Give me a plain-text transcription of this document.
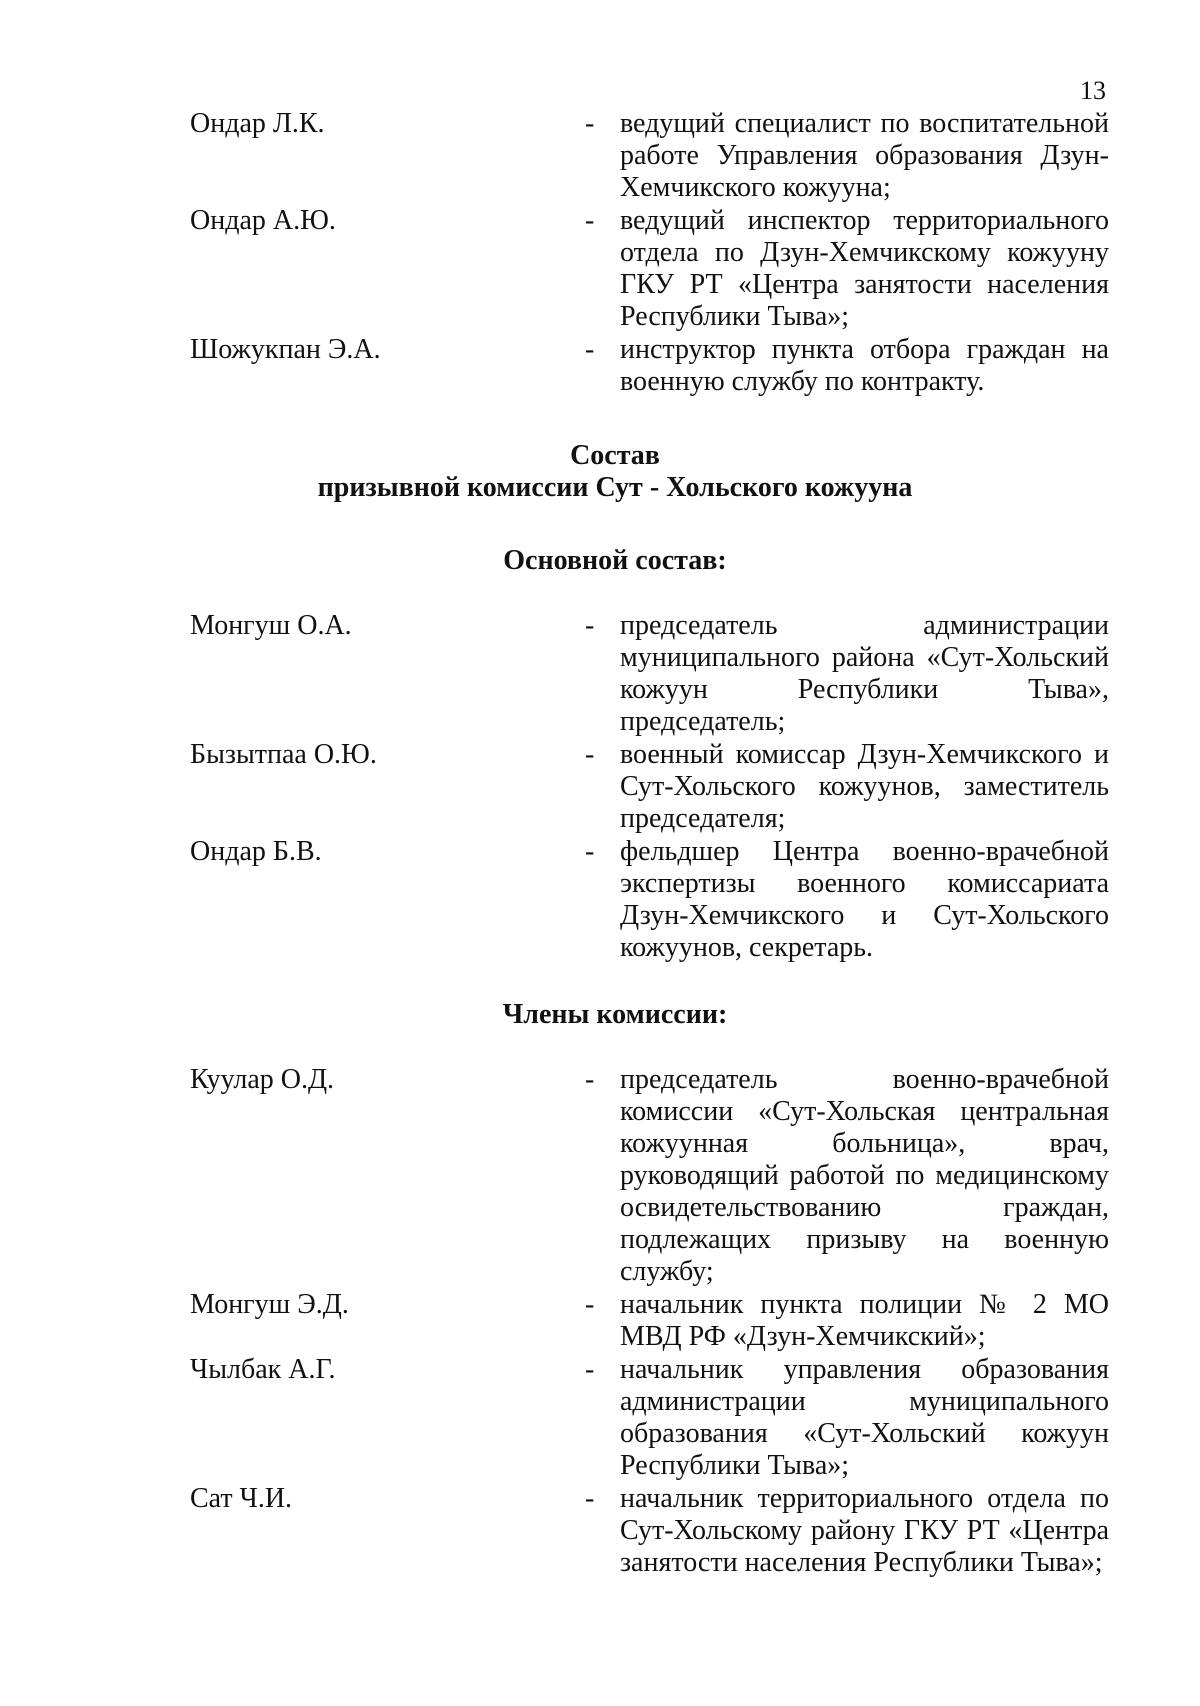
13
Ондар Л.К.	- ведущий специалист по воспитательной работе Управления образования Дзун-Хемчикского кожууна;
Ондар А.Ю.	- ведущий инспектор территориального отдела по Дзун-Хемчикскому кожууну ГКУ РТ «Центра занятости населения Республики Тыва»;
Шожукпан Э.А.	- инструктор пункта отбора граждан на военную службу по контракту.
Состав
призывной комиссии Сут - Хольского кожууна
Основной состав:
Монгуш О.А.	- председатель администрации муниципального района «Сут-Хольский кожуун Республики Тыва», председатель;
Бызытпаа О.Ю.	- военный комиссар Дзун-Хемчикского и Сут-Хольского кожуунов, заместитель председателя;
Ондар Б.В.	- фельдшер Центра военно-врачебной экспертизы военного комиссариата Дзун-Хемчикского и Сут-Хольского кожуунов, секретарь.
Члены комиссии:
Куулар О.Д.	- председатель военно-врачебной комиссии «Сут-Хольская центральная кожуунная больница», врач, руководящий работой по медицинскому освидетельствованию граждан, подлежащих призыву на военную службу;
Монгуш Э.Д.	- начальник пункта полиции № 2 МО МВД РФ «Дзун-Хемчикский»;
Чылбак А.Г.	- начальник управления образования администрации муниципального образования «Сут-Хольский кожуун Республики Тыва»;
Сат Ч.И.	- начальник территориального отдела по Сут-Хольскому району ГКУ РТ «Центра занятости населения Республики Тыва»;
